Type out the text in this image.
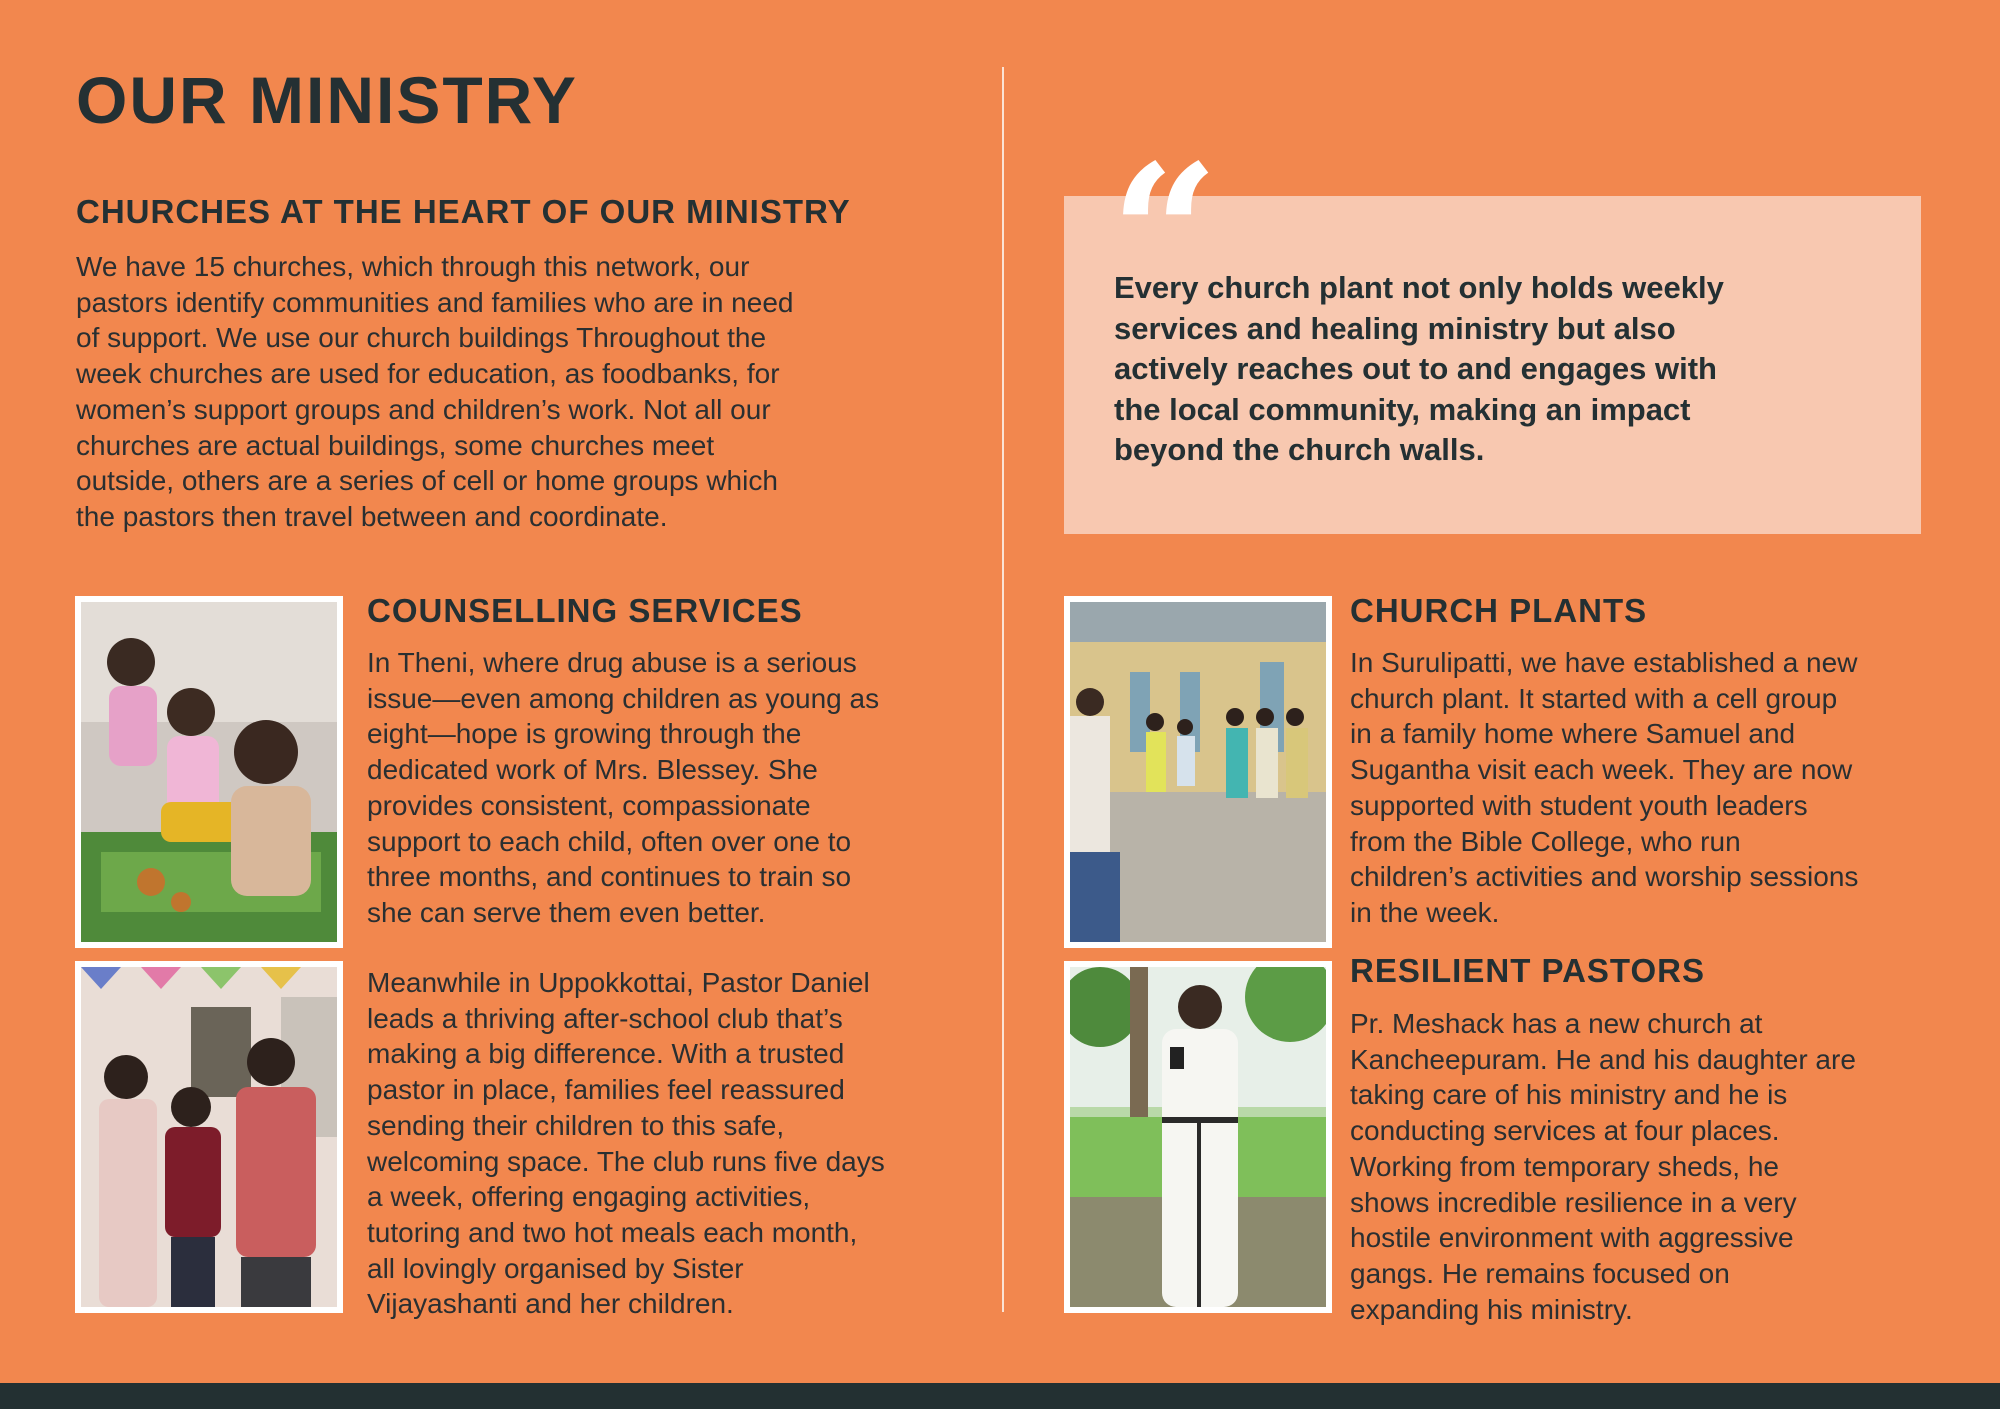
OUR MINISTRY
CHURCHES AT THE HEART OF OUR MINISTRY

We have 15 churches, which through this network, our

pastors identify communities and families who are in need

of support. We use our church buildings Throughout the

week churches are used for education, as foodbanks, for

women’s support groups and children’s work. Not all our

churches are actual buildings, some churches meet

outside, others are a series of cell or home groups which

the pastors then travel between and coordinate.

“
Every church plant not only holds weekly
services and healing ministry but also
actively reaches out to and engages with
the local community, making an impact
beyond the church walls.
COUNSELLING SERVICES

In Theni, where drug abuse is a serious

issue—even among children as young as

eight—hope is growing through the

dedicated work of Mrs. Blessey. She

provides consistent, compassionate

support to each child, often over one to

three months, and continues to train so

she can serve them even better.

Meanwhile in Uppokkottai, Pastor Daniel

leads a thriving after-school club that’s

making a big difference. With a trusted

pastor in place, families feel reassured

sending their children to this safe,

welcoming space. The club runs five days

a week, offering engaging activities,

tutoring and two hot meals each month,

all lovingly organised by Sister

Vijayashanti and her children.

CHURCH PLANTS

In Surulipatti, we have established a new

church plant. It started with a cell group

in a family home where Samuel and

Sugantha visit each week. They are now

supported with student youth leaders

from the Bible College, who run

children’s activities and worship sessions

in the week.

RESILIENT PASTORS

Pr. Meshack has a new church at

Kancheepuram. He and his daughter are

taking care of his ministry and he is

conducting services at four places.

Working from temporary sheds, he

shows incredible resilience in a very

hostile environment with aggressive

gangs. He remains focused on

expanding his ministry.
